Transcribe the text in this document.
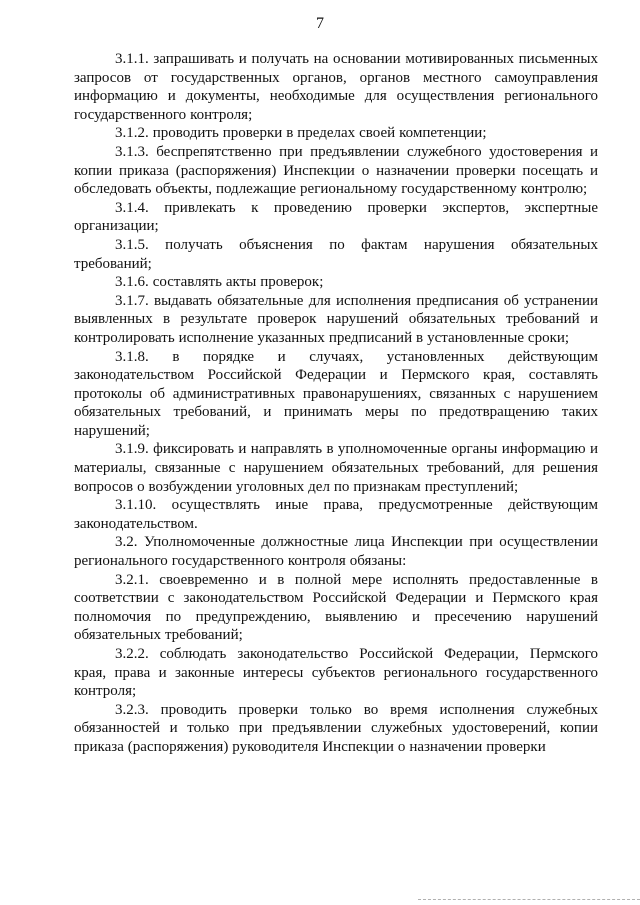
7

3.1.1. запрашивать и получать на основании мотивированных письменных запросов от государственных органов, органов местного самоуправления информацию и документы, необходимые для осуществления регионального государственного контроля;

3.1.2. проводить проверки в пределах своей компетенции;

3.1.3. беспрепятственно при предъявлении служебного удостоверения и копии приказа (распоряжения) Инспекции о назначении проверки посещать и обследовать объекты, подлежащие региональному государственному контролю;

3.1.4. привлекать к проведению проверки экспертов, экспертные организации;

3.1.5. получать объяснения по фактам нарушения обязательных требований;

3.1.6. составлять акты проверок;

3.1.7. выдавать обязательные для исполнения предписания об устранении выявленных в результате проверок нарушений обязательных требований и контролировать исполнение указанных предписаний в установленные сроки;

3.1.8. в порядке и случаях, установленных действующим законодательством Российской Федерации и Пермского края, составлять протоколы об административных правонарушениях, связанных с нарушением обязательных требований, и принимать меры по предотвращению таких нарушений;

3.1.9. фиксировать и направлять в уполномоченные органы информацию и материалы, связанные с нарушением обязательных требований, для решения вопросов о возбуждении уголовных дел по признакам преступлений;

3.1.10. осуществлять иные права, предусмотренные действующим законодательством.

3.2. Уполномоченные должностные лица Инспекции при осуществлении регионального государственного контроля обязаны:

3.2.1. своевременно и в полной мере исполнять предоставленные в соответствии с законодательством Российской Федерации и Пермского края полномочия по предупреждению, выявлению и пресечению нарушений обязательных требований;

3.2.2. соблюдать законодательство Российской Федерации, Пермского края, права и законные интересы субъектов регионального государственного контроля;

3.2.3. проводить проверки только во время исполнения служебных обязанностей и только при предъявлении служебных удостоверений, копии приказа (распоряжения) руководителя Инспекции о назначении проверки
